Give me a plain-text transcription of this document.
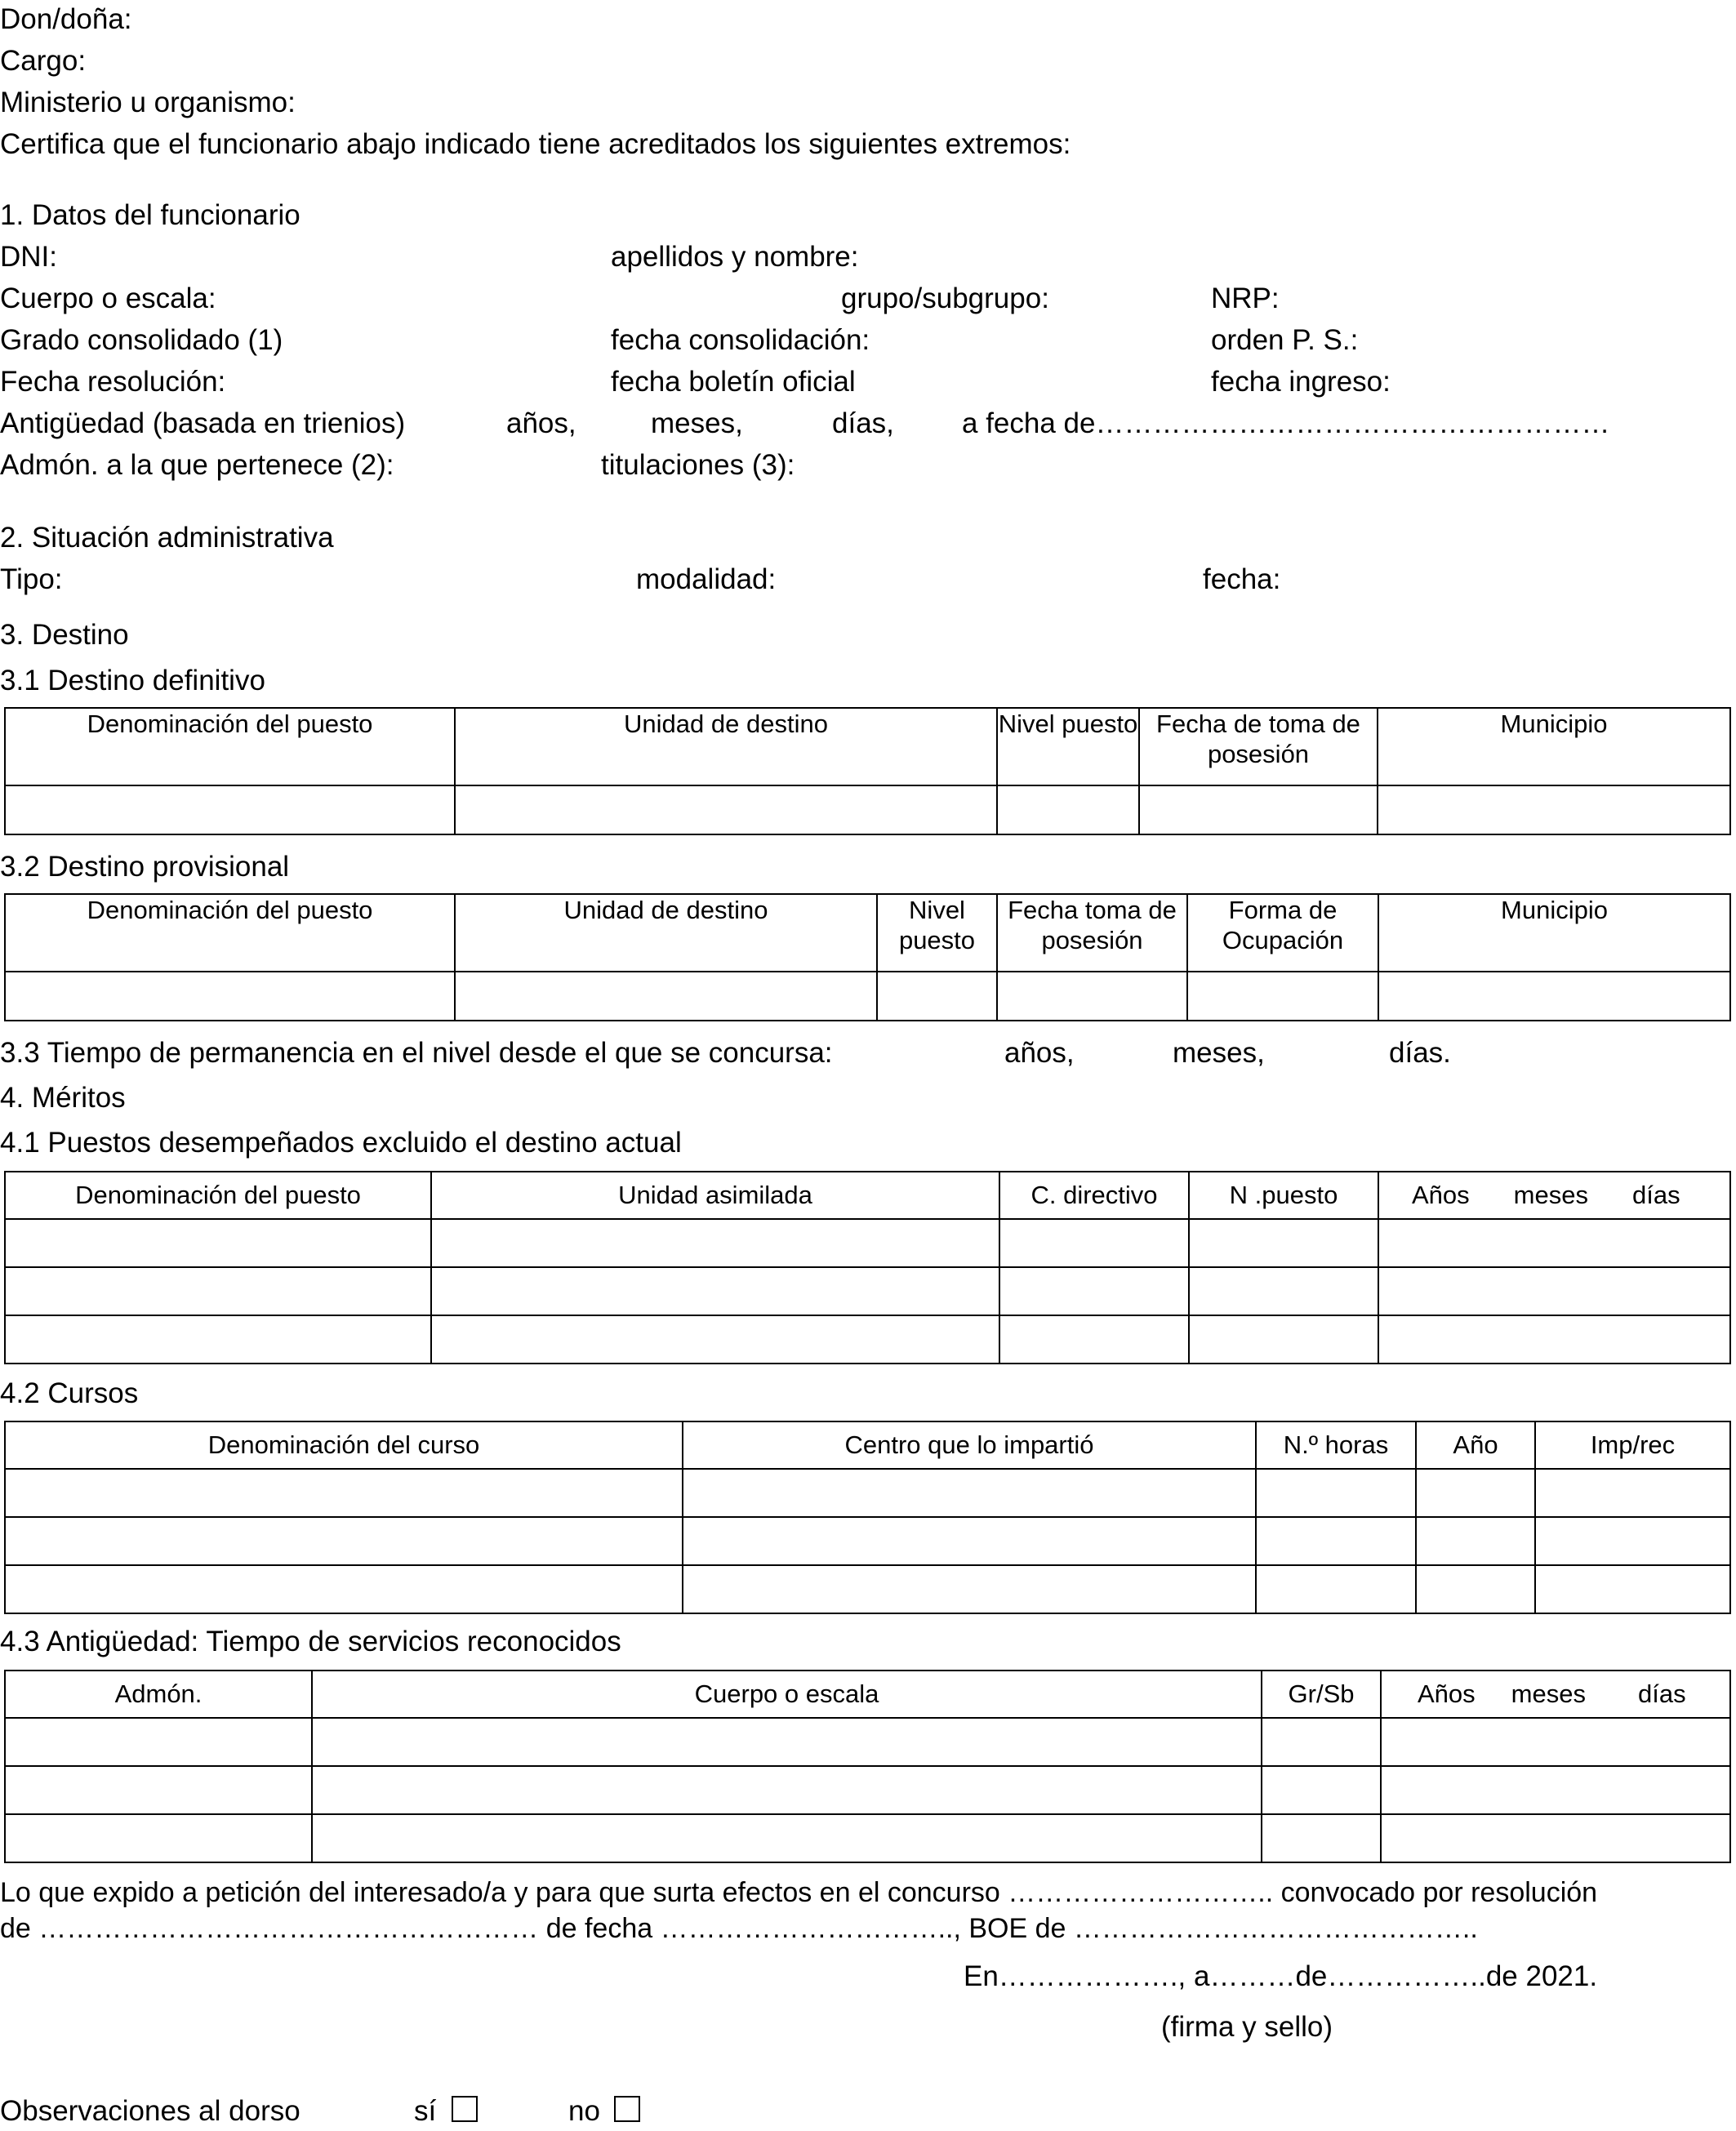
Don/doña:
Cargo:
Ministerio u organismo:
Certifica que el funcionario abajo indicado tiene acreditados los siguientes extremos:
1. Datos del funcionario
DNI:	apellidos y nombre:
Cuerpo o escala:	grupo/subgrupo:	NRP:
Grado consolidado (1)	fecha consolidación:	orden P. S.:
Fecha resolución:	fecha boletín oficial	fecha ingreso:
Antigüedad (basada en trienios)	años,	meses,	días, a fecha de………………………………………………
Admón. a la que pertenece (2):	titulaciones (3):
2. Situación administrativa
Tipo:	modalidad:	fecha:
3. Destino
3.1 Destino definitivo
Denominación del puesto	Unidad de destino	Nivel puesto	Fecha de toma de posesión	Municipio

3.2 Destino provisional
Denominación del puesto	Unidad de destino	Nivel puesto	Fecha toma de posesión	Forma de Ocupación	Municipio

3.3 Tiempo de permanencia en el nivel desde el que se concursa:	años,	meses,	días.
4. Méritos
4.1 Puestos desempeñados excluido el destino actual
Denominación del puesto	Unidad asimilada	C. directivo	N .puesto	Años meses días

4.2 Cursos
Denominación del curso	Centro que lo impartió	N.º horas	Año	Imp/rec

4.3 Antigüedad: Tiempo de servicios reconocidos
Admón.	Cuerpo o escala	Gr/Sb	Años meses días

Lo que expido a petición del interesado/a y para que surta efectos en el concurso ……………………….. convocado por resolución
de ……………………………………………… de fecha ………………………….., BOE de ……………………………………..
En………………., a………de……………..de 2021.
(firma y sello)
Observaciones al dorso	sí	no
